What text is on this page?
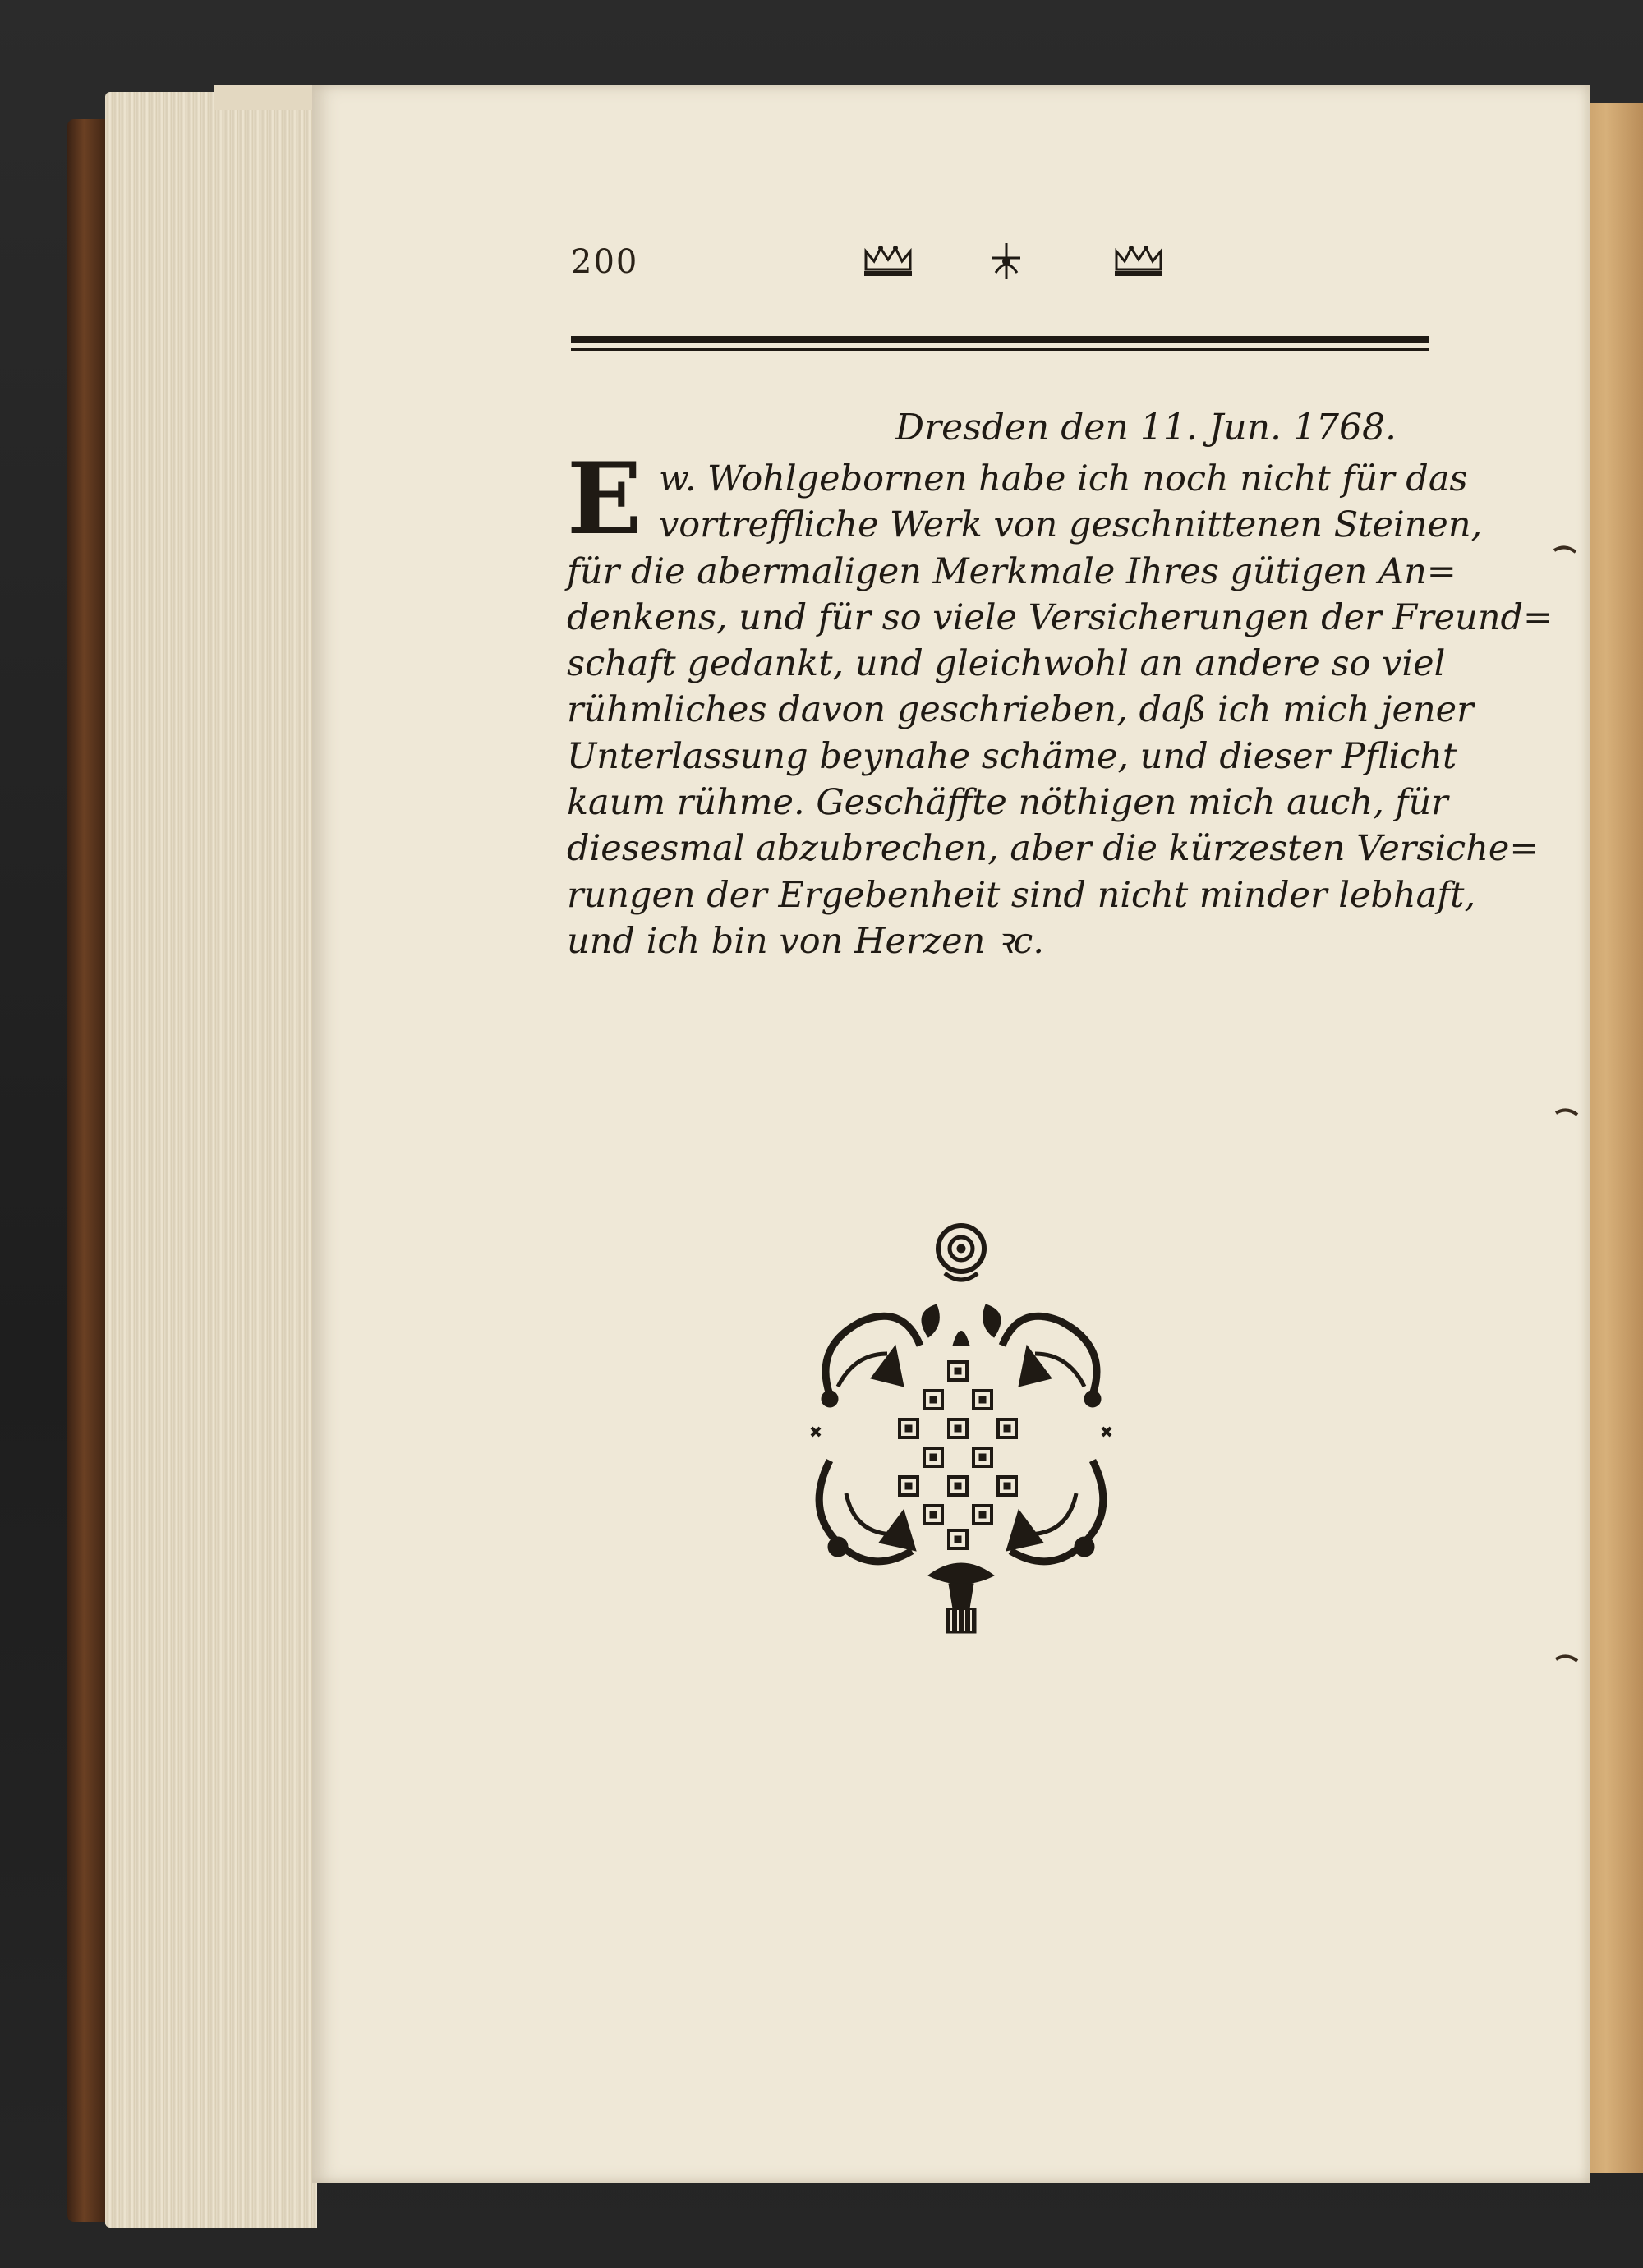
200
Dresden den 11. Jun. 1768.
E w. Wohlgebornen habe ich noch nicht für das
vortreffliche Werk von geschnittenen Steinen,
für die abermaligen Merkmale Ihres gütigen An=
denkens, und für so viele Versicherungen der Freund=
schaft gedankt, und gleichwohl an andere so viel
rühmliches davon geschrieben, daß ich mich jener
Unterlassung beynahe schäme, und dieser Pflicht
kaum rühme. Geschäffte nöthigen mich auch, für
diesesmal abzubrechen, aber die kürzesten Versiche=
rungen der Ergebenheit sind nicht minder lebhaft,
und ich bin von Herzen ꝛc.
